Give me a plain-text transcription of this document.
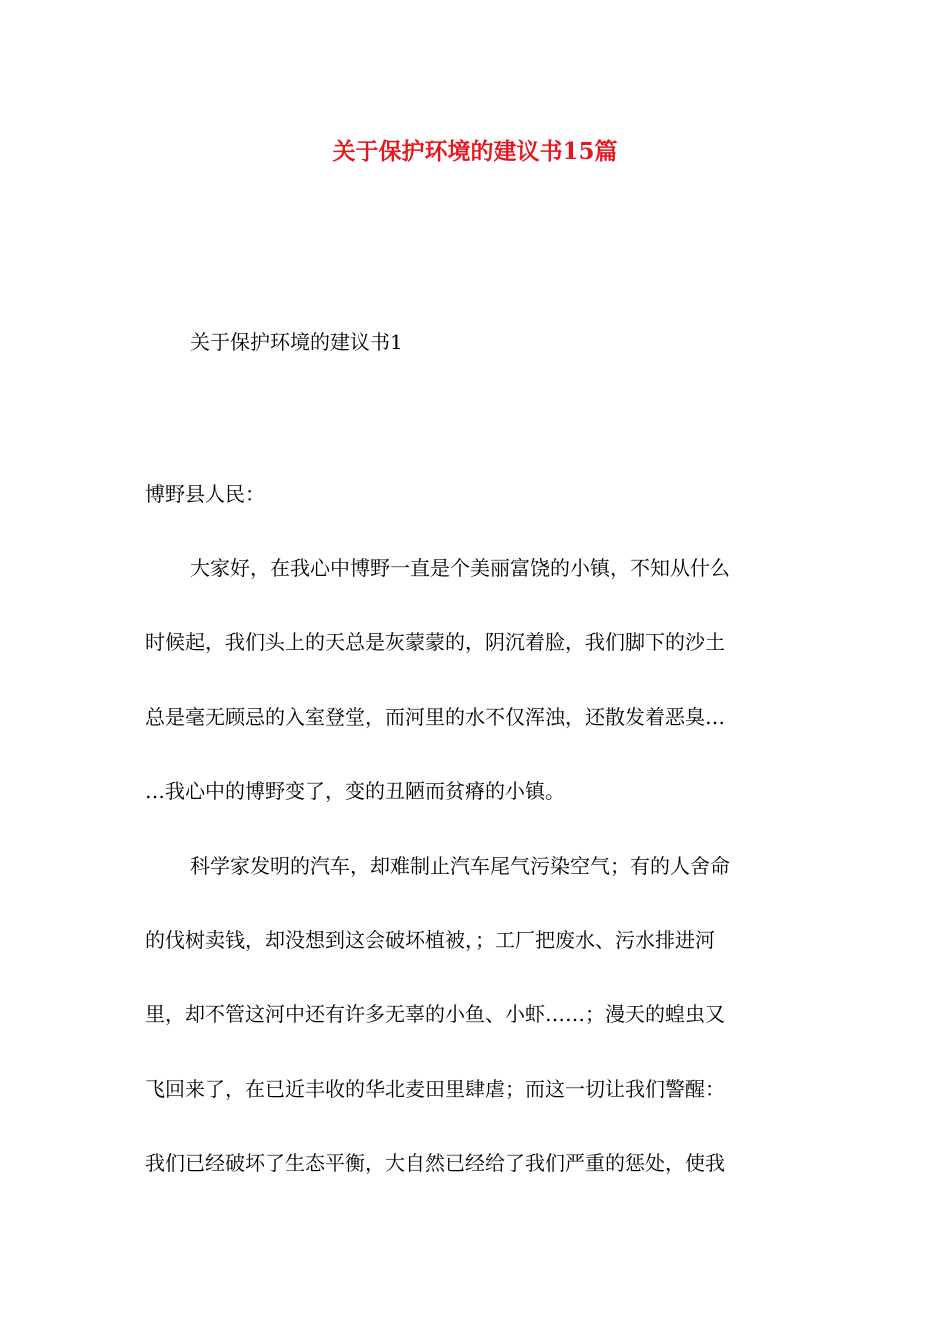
关于保护环境的建议书15篇
关于保护环境的建议书1
博野县人民：
大家好，在我心中博野一直是个美丽富饶的小镇，不知从什么
时候起，我们头上的天总是灰蒙蒙的，阴沉着脸，我们脚下的沙土
总是毫无顾忌的入室登堂，而河里的水不仅浑浊，还散发着恶臭…
…我心中的博野变了，变的丑陋而贫瘠的小镇。
科学家发明的汽车，却难制止汽车尾气污染空气；有的人舍命
的伐树卖钱，却没想到这会破坏植被，；工厂把废水、污水排进河
里，却不管这河中还有许多无辜的小鱼、小虾……；漫天的蝗虫又
飞回来了，在已近丰收的华北麦田里肆虐；而这一切让我们警醒：
我们已经破坏了生态平衡，大自然已经给了我们严重的惩处，使我
